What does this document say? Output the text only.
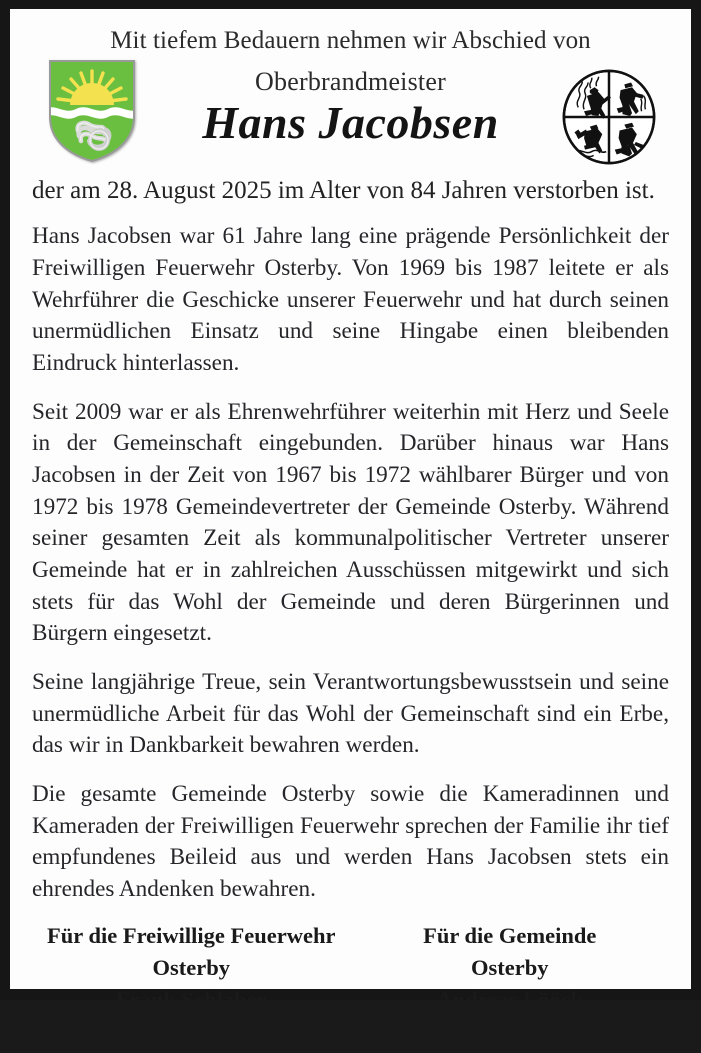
Mit tiefem Bedauern nehmen wir Abschied von
Oberbrandmeister
Hans Jacobsen
der am 28. August 2025 im Alter von 84 Jahren verstorben ist.

Hans Jacobsen war 61 Jahre lang eine prägende Persönlichkeit der Freiwilligen Feuerwehr Osterby. Von 1969 bis 1987 leitete er als Wehrführer die Geschicke unserer Feuerwehr und hat durch seinen unermüdlichen Einsatz und seine Hingabe einen bleibenden Eindruck hinterlassen.

Seit 2009 war er als Ehrenwehrführer weiterhin mit Herz und Seele in der Gemeinschaft eingebunden. Darüber hinaus war Hans Jacobsen in der Zeit von 1967 bis 1972 wählbarer Bürger und von 1972 bis 1978 Gemeindevertreter der Gemeinde Osterby. Während seiner gesamten Zeit als kommunalpolitischer Vertreter unserer Gemeinde hat er in zahlreichen Ausschüssen mitgewirkt und sich stets für das Wohl der Gemeinde und deren Bürgerinnen und Bürgern eingesetzt.

Seine langjährige Treue, sein Verantwortungsbewusstsein und seine unermüdliche Arbeit für das Wohl der Gemeinschaft sind ein Erbe, das wir in Dankbarkeit bewahren werden.

Die gesamte Gemeinde Osterby sowie die Kameradinnen und Kameraden der Freiwilligen Feuerwehr sprechen der Familie ihr tief empfundenes Beileid aus und werden Hans Jacobsen stets ein ehrendes Andenken bewahren.

Für die Freiwillige Feuerwehr
Osterby
Frank Schlaber
Wehrführer
Für die Gemeinde
Osterby
Andreas Lööck
Bürgermeister
